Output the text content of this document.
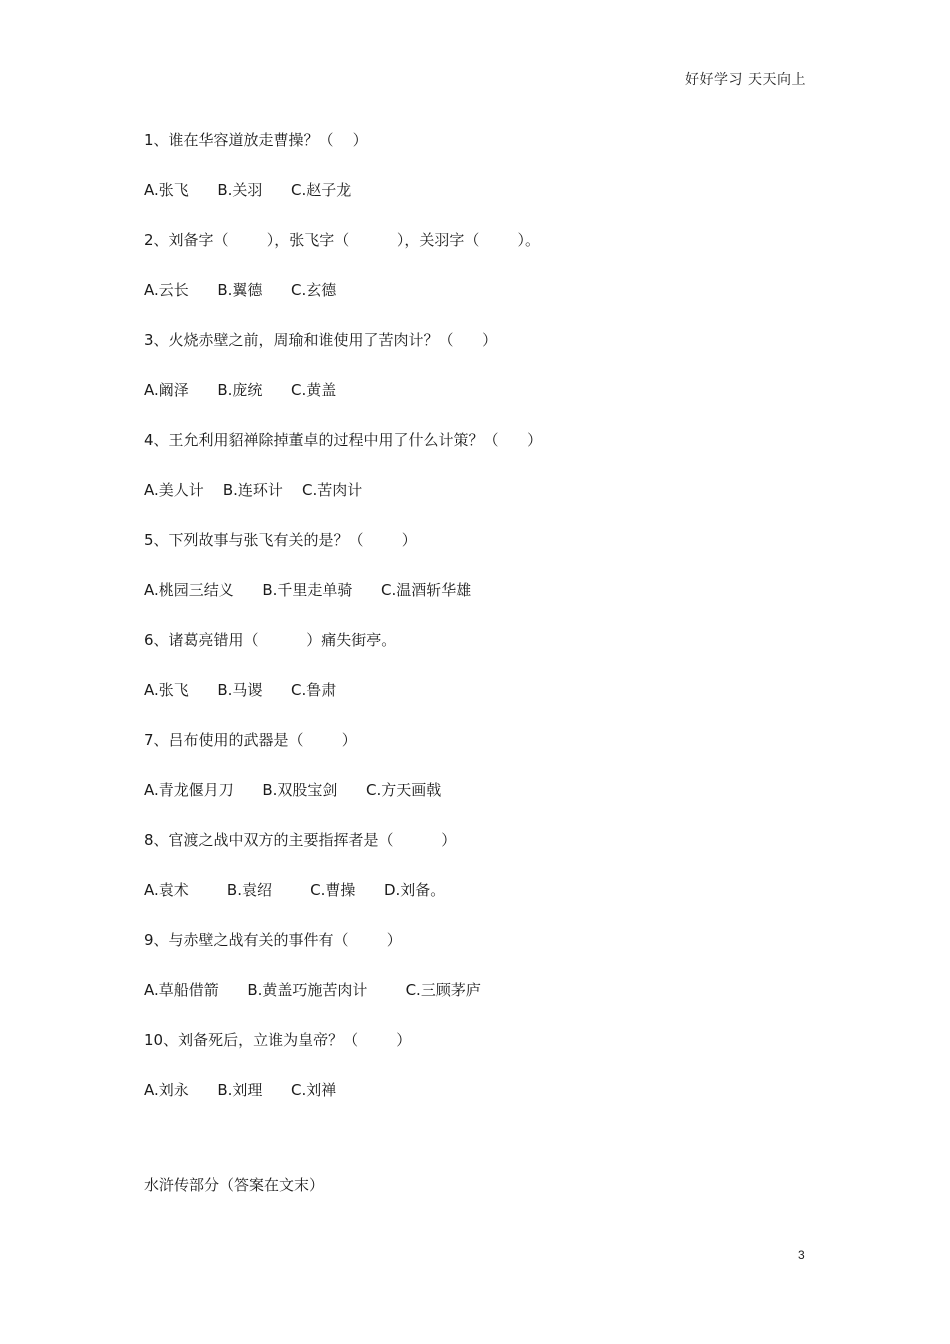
好好学习 天天向上
1、谁在华容道放走曹操？（    ）
A.张飞      B.关羽      C.赵子龙
2、刘备字（        ），张飞字（          ），关羽字（        ）。
A.云长      B.翼德      C.玄德
3、火烧赤壁之前，周瑜和谁使用了苦肉计？（      ）
A.阚泽      B.庞统      C.黄盖
4、王允利用貂禅除掉董卓的过程中用了什么计策？（      ）
A.美人计    B.连环计    C.苦肉计
5、下列故事与张飞有关的是？（        ）
A.桃园三结义      B.千里走单骑      C.温酒斩华雄
6、诸葛亮错用（          ）痛失街亭。
A.张飞      B.马谡      C.鲁肃
7、吕布使用的武器是（        ）
A.青龙偃月刀      B.双股宝剑      C.方天画戟
8、官渡之战中双方的主要指挥者是（          ）
A.袁术        B.袁绍        C.曹操      D.刘备。
9、与赤壁之战有关的事件有（        ）
A.草船借箭      B.黄盖巧施苦肉计        C.三顾茅庐
10、刘备死后，立谁为皇帝？（        ）
A.刘永      B.刘理      C.刘禅
水浒传部分（答案在文末）
3
